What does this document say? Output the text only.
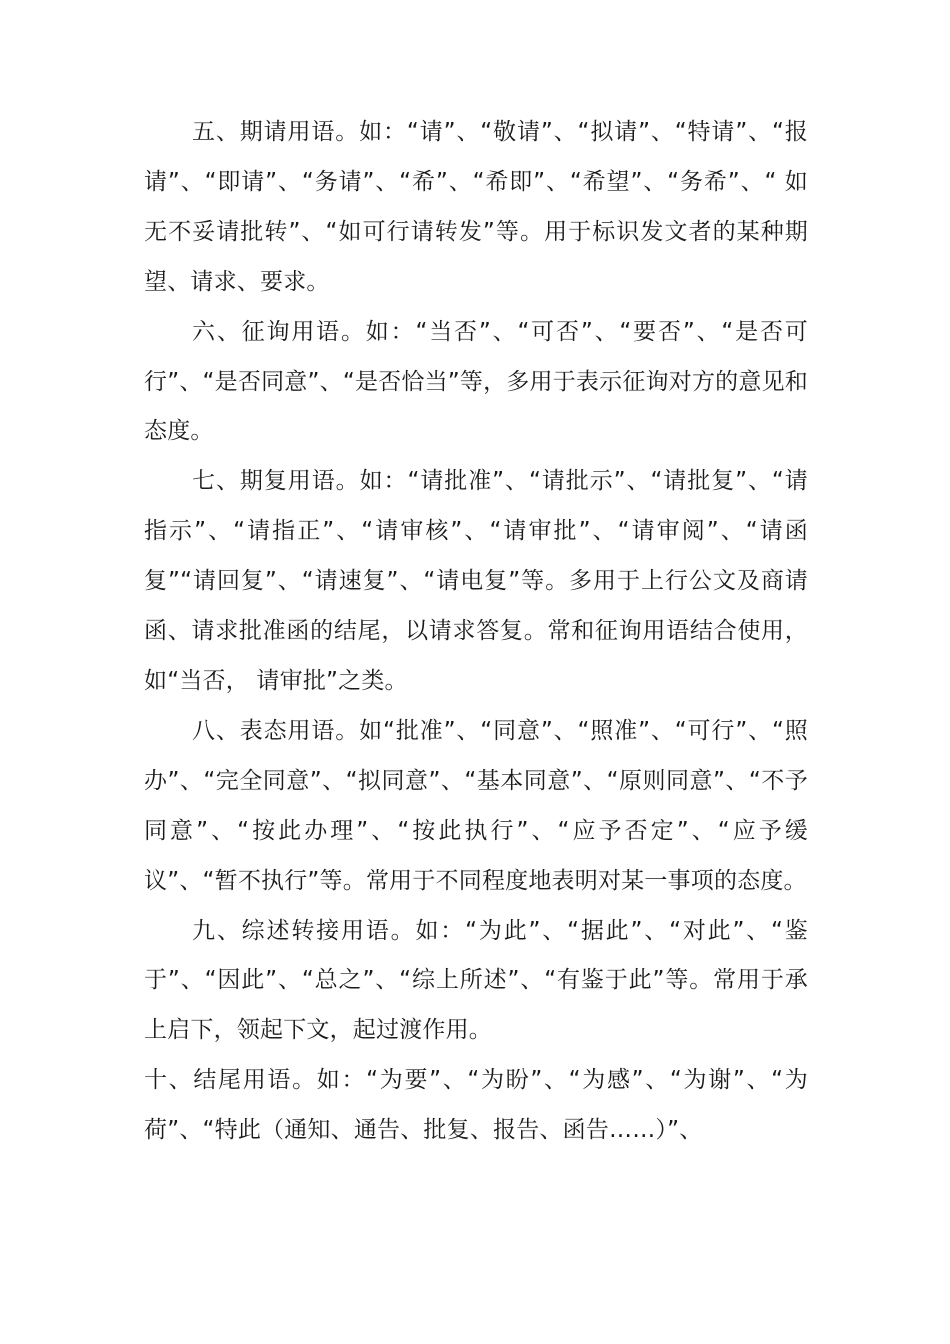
五、期请用语。如：“请”、“敬请”、“拟请”、“特请”、“报请”、“即请”、“务请”、“希”、“希即”、“希望”、“务希”、“ 如无不妥请批转”、“如可行请转发”等。用于标识发文者的某种期望、请求、要求。

六、征询用语。如：“当否”、“可否”、“要否”、“是否可行”、“是否同意”、“是否恰当”等，多用于表示征询对方的意见和态度。

七、期复用语。如：“请批准”、“请批示”、“请批复”、“请指示”、“请指正”、“请审核”、“请审批”、“请审阅”、“请函复”“请回复”、“请速复”、“请电复”等。多用于上行公文及商请函、请求批准函的结尾，以请求答复。常和征询用语结合使用，如“当否， 请审批”之类。

八、表态用语。如“批准”、“同意”、“照准”、“可行”、“照办”、“完全同意”、“拟同意”、“基本同意”、“原则同意”、“不予同意”、“按此办理”、“按此执行”、“应予否定”、“应予缓议”、“暂不执行”等。常用于不同程度地表明对某一事项的态度。

九、综述转接用语。如：“为此”、“据此”、“对此”、“鉴于”、“因此”、“总之”、“综上所述”、“有鉴于此”等。常用于承上启下，领起下文，起过渡作用。

十、结尾用语。如：“为要”、“为盼”、“为感”、“为谢”、“为荷”、“特此（通知、通告、批复、报告、函告……）”、
